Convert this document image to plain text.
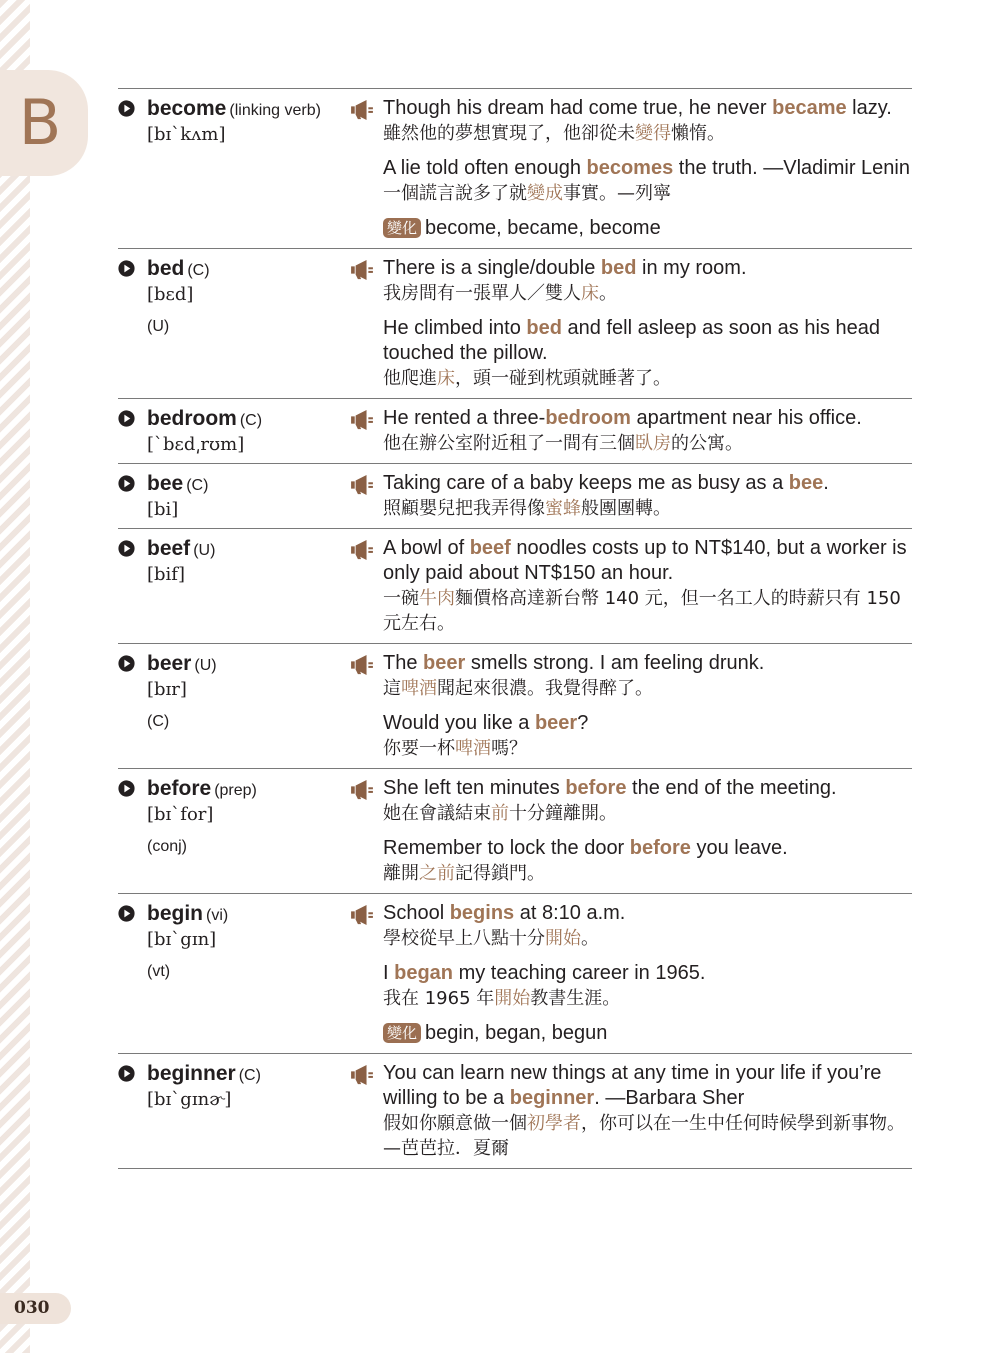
B
030
become (linking verb)
[bɪˋkʌm]
Though his dream had come true, he never became lazy.
雖然他的夢想實現了，他卻從未變得懶惰。
A lie told often enough becomes the truth. —Vladimir Lenin
一個謊言說多了就變成事實。—列寧
變化 become, became, become
bed (C)
[bɛd]
(U)
There is a single/double bed in my room.
我房間有一張單人／雙人床。
He climbed into bed and fell asleep as soon as his head touched the pillow.
他爬進床，頭一碰到枕頭就睡著了。
bedroom (C)
[ˋbɛd͵rʊm]
He rented a three-bedroom apartment near his office.
他在辦公室附近租了一間有三個臥房的公寓。
bee (C)
[bi]
Taking care of a baby keeps me as busy as a bee.
照顧嬰兒把我弄得像蜜蜂般團團轉。
beef (U)
[bif]
A bowl of beef noodles costs up to NT$140, but a worker is only paid about NT$150 an hour.
一碗牛肉麵價格高達新台幣 140 元，但一名工人的時薪只有 150 元左右。
beer (U)
[bɪr]
(C)
The beer smells strong. I am feeling drunk.
這啤酒聞起來很濃。我覺得醉了。
Would you like a beer?
你要一杯啤酒嗎？
before (prep)
[bɪˋfor]
(conj)
She left ten minutes before the end of the meeting.
她在會議結束前十分鐘離開。
Remember to lock the door before you leave.
離開之前記得鎖門。
begin (vi)
[bɪˋgɪn]
(vt)
School begins at 8:10 a.m.
學校從早上八點十分開始。
I began my teaching career in 1965.
我在 1965 年開始教書生涯。
變化 begin, began, begun
beginner (C)
[bɪˋgɪnɚ]
You can learn new things at any time in your life if you’re willing to be a beginner. —Barbara Sher
假如你願意做一個初學者，你可以在一生中任何時候學到新事物。—芭芭拉．夏爾
